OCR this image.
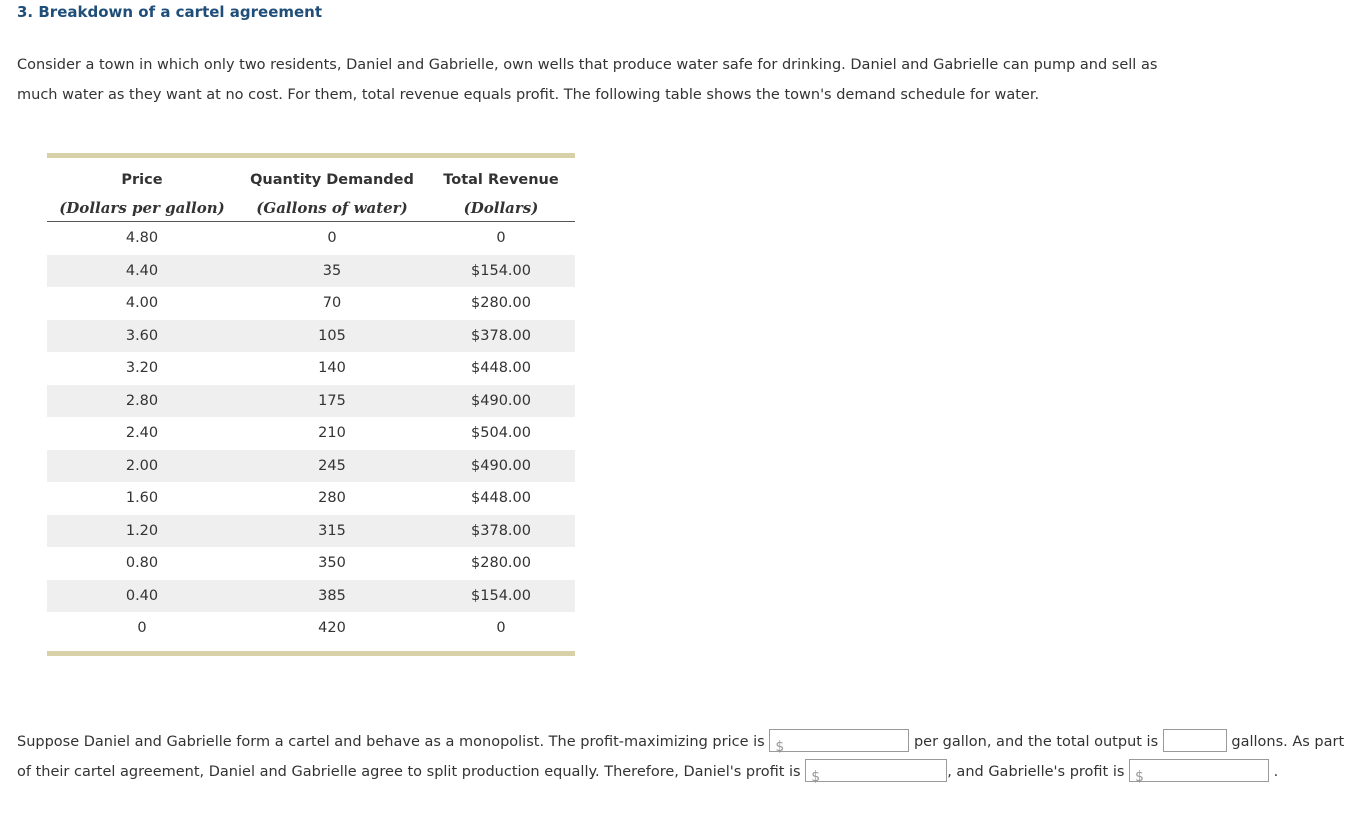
3. Breakdown of a cartel agreement

Consider a town in which only two residents, Daniel and Gabrielle, own wells that produce water safe for drinking. Daniel and Gabrielle can pump and sell as much water as they want at no cost. For them, total revenue equals profit. The following table shows the town's demand schedule for water.

Price	Quantity Demanded	Total Revenue
(Dollars per gallon)	(Gallons of water)	(Dollars)
4.80	0	0
4.40	35	$154.00
4.00	70	$280.00
3.60	105	$378.00
3.20	140	$448.00
2.80	175	$490.00
2.40	210	$504.00
2.00	245	$490.00
1.60	280	$448.00
1.20	315	$378.00
0.80	350	$280.00
0.40	385	$154.00
0	420	0

Suppose Daniel and Gabrielle form a cartel and behave as a monopolist. The profit-maximizing price is $	per gallon, and the total output is	gallons. As part of their cartel agreement, Daniel and Gabrielle agree to split production equally. Therefore, Daniel's profit is $	, and Gabrielle's profit is $	.
